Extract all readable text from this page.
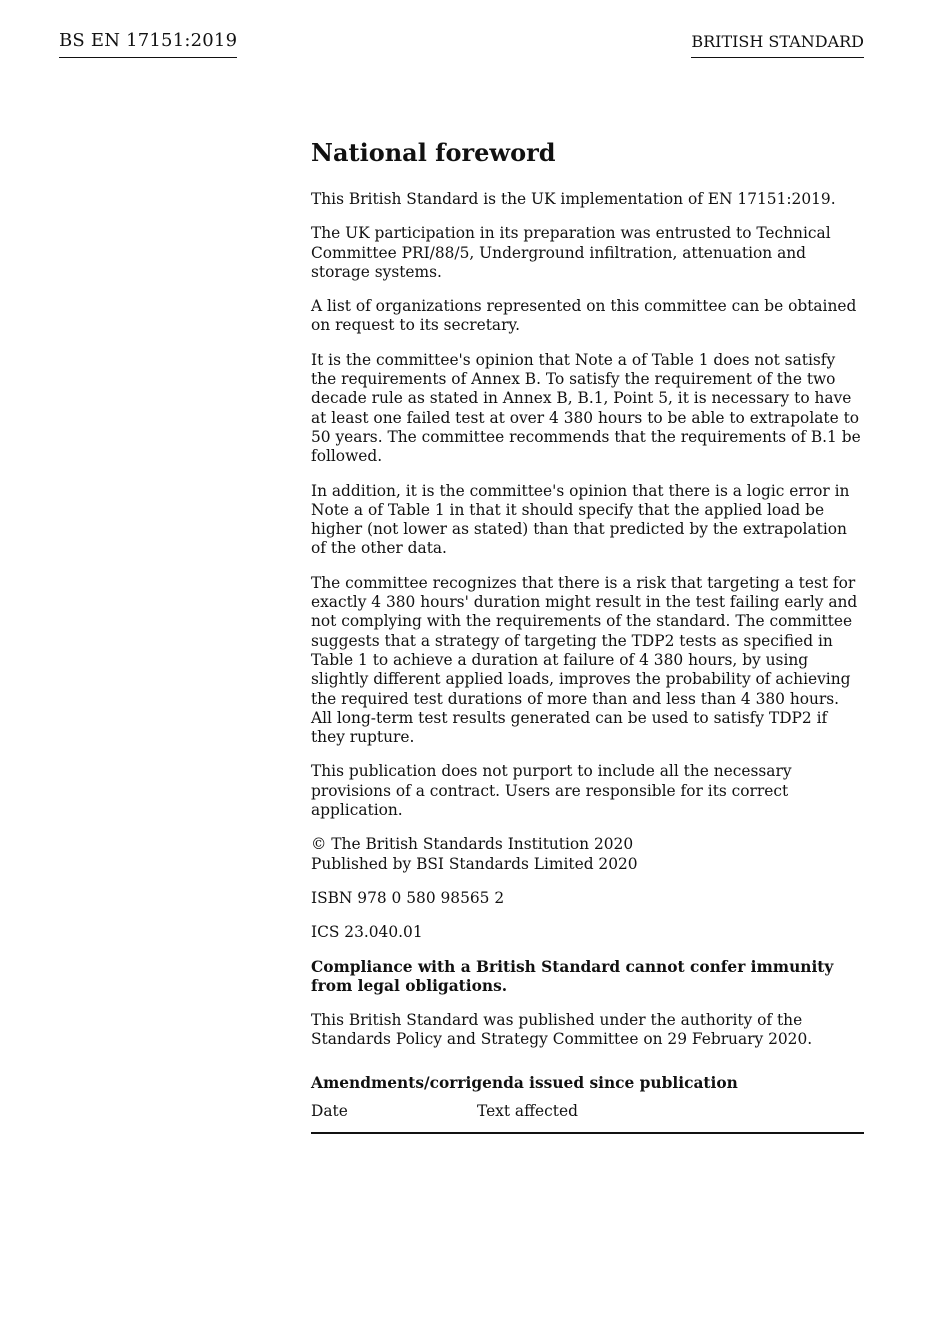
BS EN 17151:2019	BRITISH STANDARD
National foreword

This British Standard is the UK implementation of EN 17151:2019.

The UK participation in its preparation was entrusted to Technical Committee PRI/88/5, Underground infiltration, attenuation and storage systems.

A list of organizations represented on this committee can be obtained on request to its secretary.

It is the committee's opinion that Note a of Table 1 does not satisfy the requirements of Annex B. To satisfy the requirement of the two decade rule as stated in Annex B, B.1, Point 5, it is necessary to have at least one failed test at over 4 380 hours to be able to extrapolate to 50 years. The committee recommends that the requirements of B.1 be followed.

In addition, it is the committee's opinion that there is a logic error in Note a of Table 1 in that it should specify that the applied load be higher (not lower as stated) than that predicted by the extrapolation of the other data.

The committee recognizes that there is a risk that targeting a test for exactly 4 380 hours' duration might result in the test failing early and not complying with the requirements of the standard. The committee suggests that a strategy of targeting the TDP2 tests as specified in Table 1 to achieve a duration at failure of 4 380 hours, by using slightly different applied loads, improves the probability of achieving the required test durations of more than and less than 4 380 hours. All long-term test results generated can be used to satisfy TDP2 if they rupture.

This publication does not purport to include all the necessary provisions of a contract. Users are responsible for its correct application.

© The British Standards Institution 2020
Published by BSI Standards Limited 2020

ISBN 978 0 580 98565 2

ICS 23.040.01

Compliance with a British Standard cannot confer immunity from legal obligations.

This British Standard was published under the authority of the Standards Policy and Strategy Committee on 29 February 2020.

Amendments/corrigenda issued since publication
Date	Text affected
